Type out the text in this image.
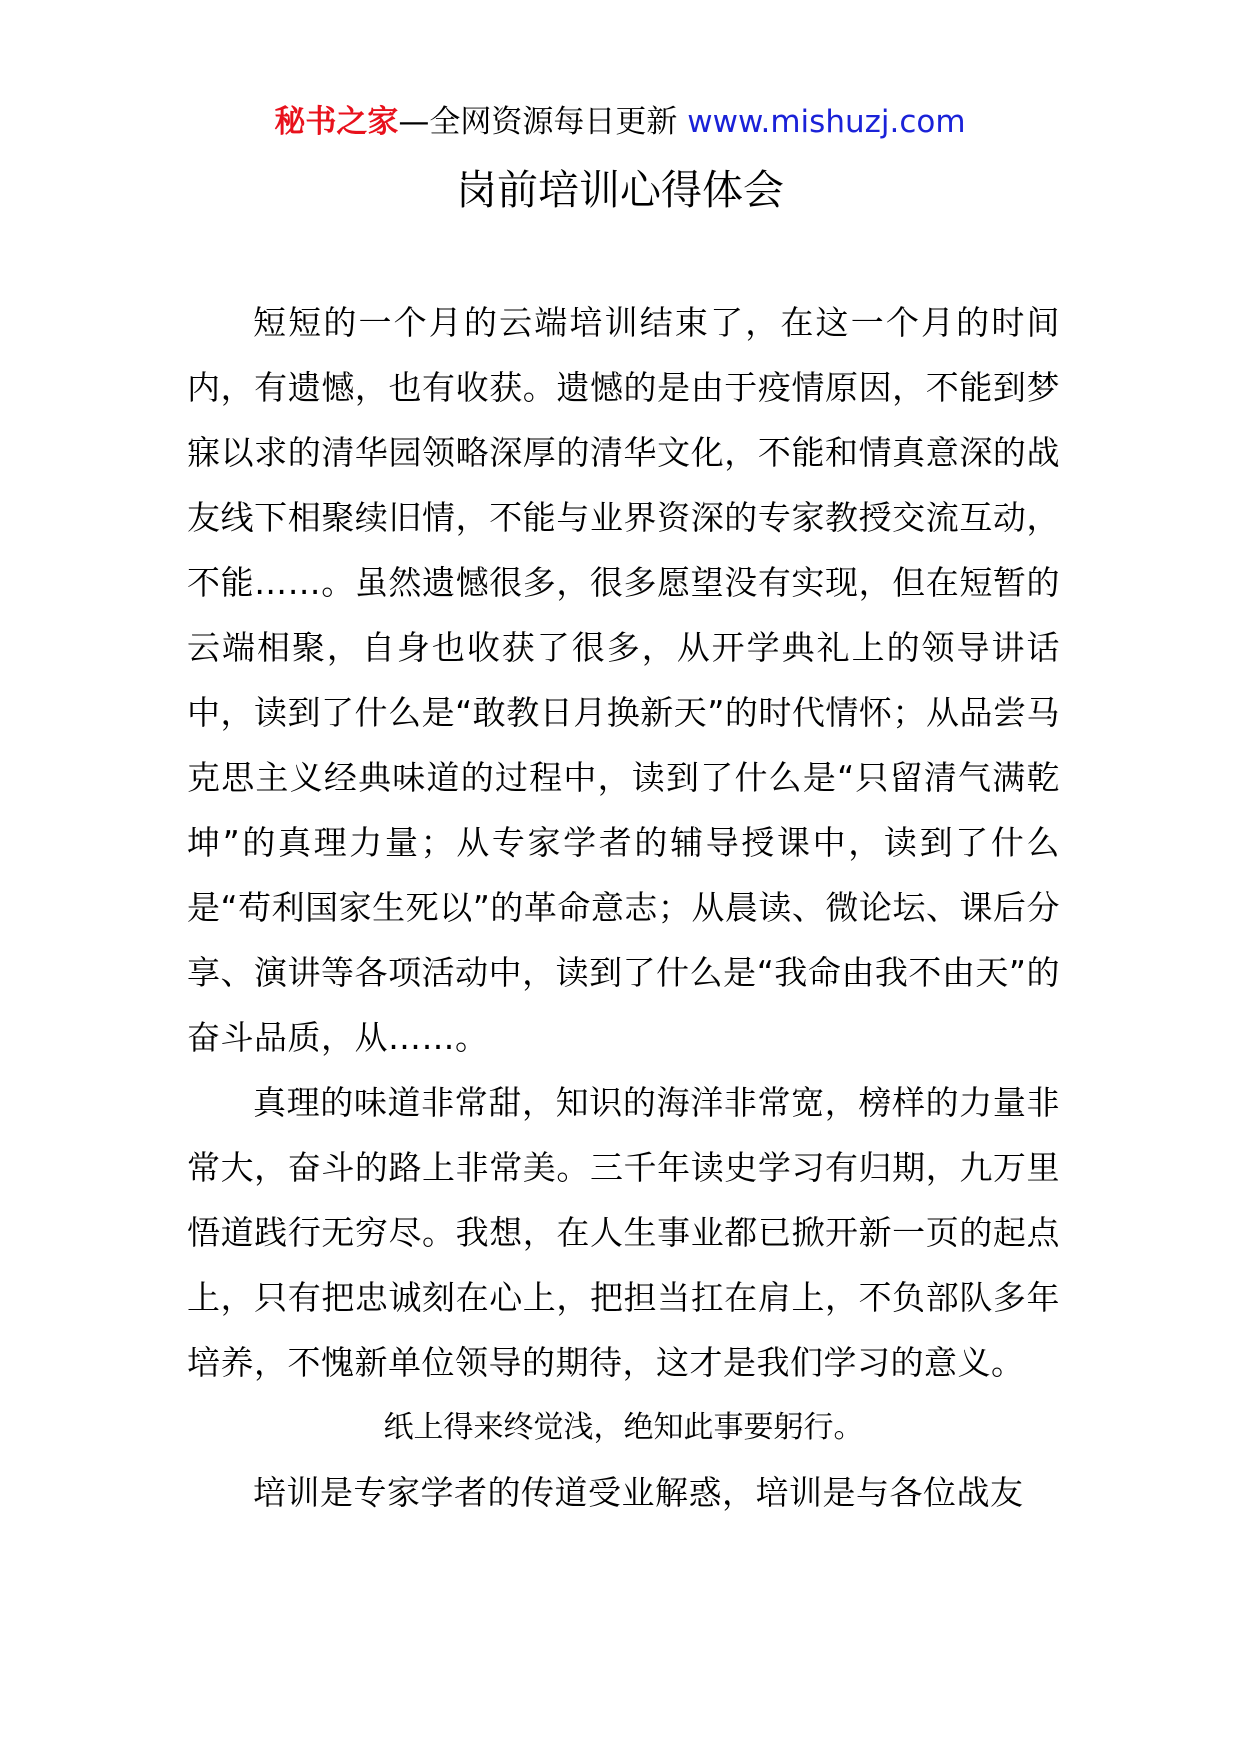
秘书之家—全网资源每日更新 www.mishuzj.com
岗前培训心得体会

短短的一个月的云端培训结束了，在这一个月的时间内，有遗憾，也有收获。遗憾的是由于疫情原因，不能到梦寐以求的清华园领略深厚的清华文化，不能和情真意深的战友线下相聚续旧情，不能与业界资深的专家教授交流互动，不能……。虽然遗憾很多，很多愿望没有实现，但在短暂的云端相聚，自身也收获了很多，从开学典礼上的领导讲话中，读到了什么是“敢教日月换新天”的时代情怀；从品尝马克思主义经典味道的过程中，读到了什么是“只留清气满乾坤”的真理力量；从专家学者的辅导授课中，读到了什么是“苟利国家生死以”的革命意志；从晨读、微论坛、课后分享、演讲等各项活动中，读到了什么是“我命由我不由天”的奋斗品质，从……。

真理的味道非常甜，知识的海洋非常宽，榜样的力量非常大，奋斗的路上非常美。三千年读史学习有归期，九万里悟道践行无穷尽。我想，在人生事业都已掀开新一页的起点上，只有把忠诚刻在心上，把担当扛在肩上，不负部队多年培养，不愧新单位领导的期待，这才是我们学习的意义。

纸上得来终觉浅，绝知此事要躬行。

培训是专家学者的传道受业解惑，培训是与各位战友
